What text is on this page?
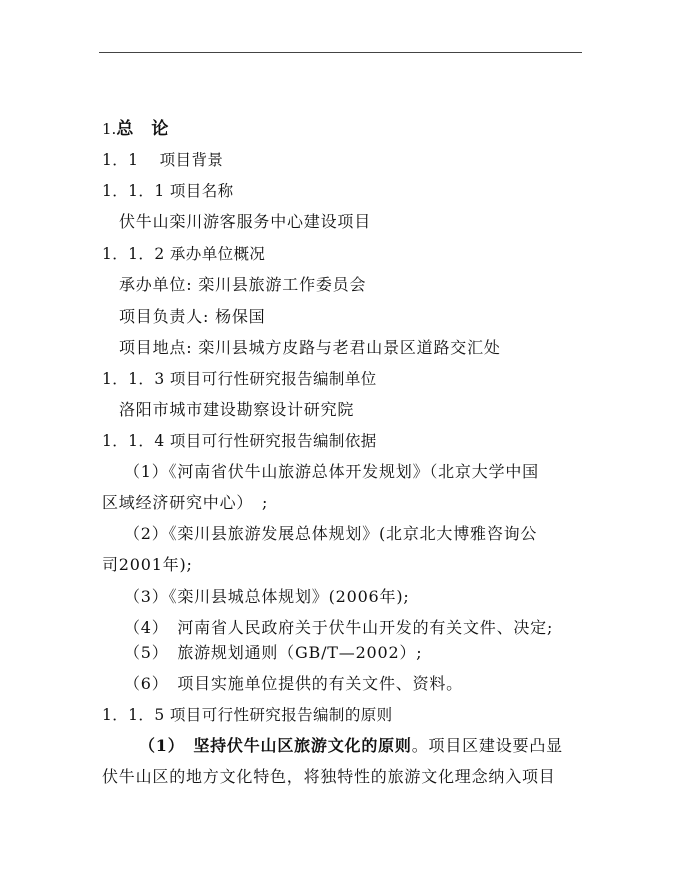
1.总 论
1．1　 项目背景
1．1．1 项目名称
伏牛山栾川游客服务中心建设项目
1．1．2 承办单位概况
承办单位: 栾川县旅游工作委员会
项目负责人: 杨保国
项目地点: 栾川县城方皮路与老君山景区道路交汇处
1．1．3 项目可行性研究报告编制单位
洛阳市城市建设勘察设计研究院
1．1．4 项目可行性研究报告编制依据
（1）《河南省伏牛山旅游总体开发规划》（北京大学中国
区域经济研究中心）　;
（2）《栾川县旅游发展总体规划》(北京北大博雅咨询公
司2001年);
（3）《栾川县城总体规划》(2006年);
（4）　河南省人民政府关于伏牛山开发的有关文件、决定;
（5）　旅游规划通则（GB/T—2002）;
（6）　项目实施单位提供的有关文件、资料。
1．1．5 项目可行性研究报告编制的原则
（1）　坚持伏牛山区旅游文化的原则。项目区建设要凸显
伏牛山区的地方文化特色，将独特性的旅游文化理念纳入项目
